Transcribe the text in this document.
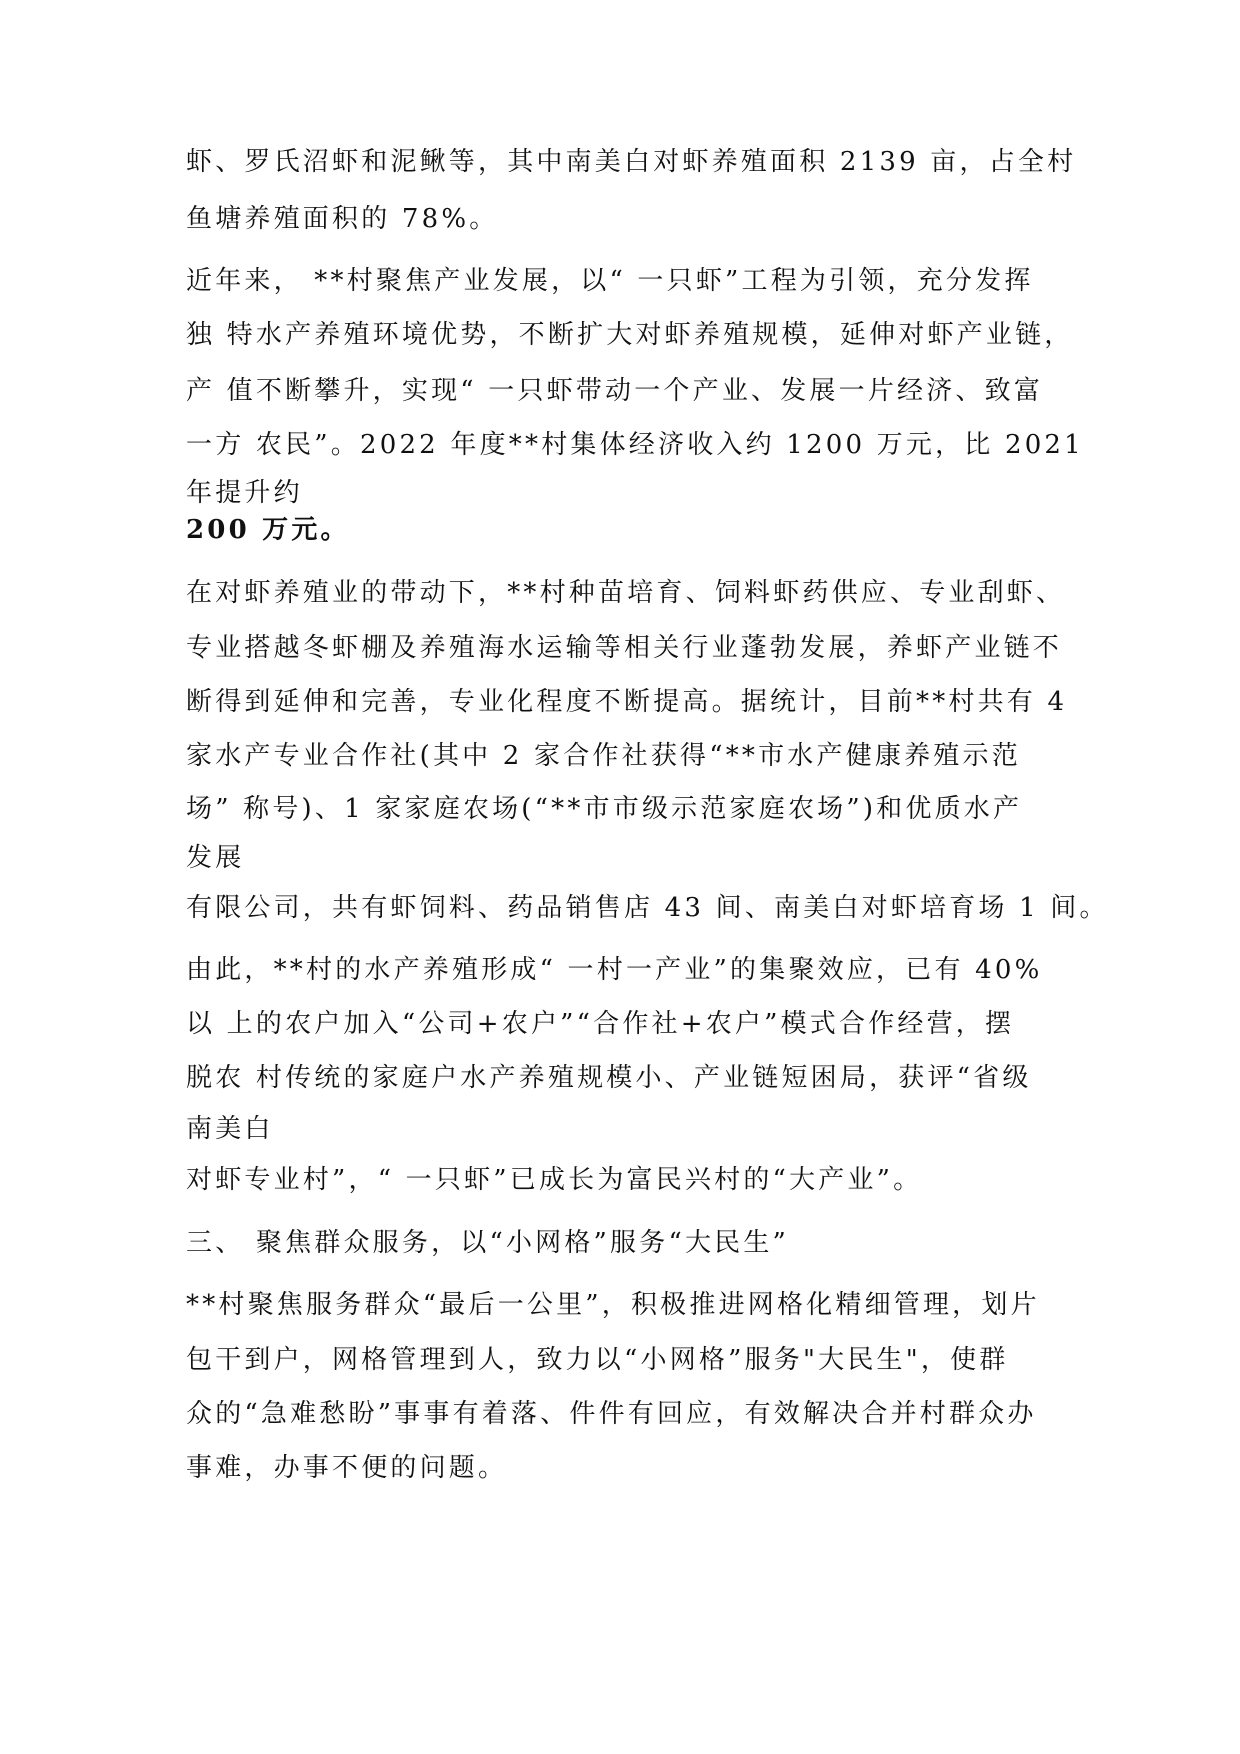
虾、罗氏沼虾和泥鳅等，其中南美白对虾养殖面积 2139 亩，占全村

鱼塘养殖面积的 78%。

近年来， **村聚焦产业发展，以“ 一只虾”工程为引领，充分发挥

独 特水产养殖环境优势，不断扩大对虾养殖规模，延伸对虾产业链，

产 值不断攀升，实现“ 一只虾带动一个产业、发展一片经济、致富

一方 农民”。2022 年度**村集体经济收入约 1200 万元，比 2021

年提升约

200 万元。

在对虾养殖业的带动下，**村种苗培育、饲料虾药供应、专业刮虾、

专业搭越冬虾棚及养殖海水运输等相关行业蓬勃发展，养虾产业链不

断得到延伸和完善，专业化程度不断提高。据统计，目前**村共有 4

家水产专业合作社(其中 2 家合作社获得“**市水产健康养殖示范

场” 称号)、1 家家庭农场(“**市市级示范家庭农场”)和优质水产

发展

有限公司，共有虾饲料、药品销售店 43 间、南美白对虾培育场 1 间。

由此，**村的水产养殖形成“ 一村一产业”的集聚效应，已有 40%

以 上的农户加入“公司+农户”“合作社+农户”模式合作经营，摆

脱农 村传统的家庭户水产养殖规模小、产业链短困局，获评“省级

南美白

对虾专业村”，“ 一只虾”已成长为富民兴村的“大产业”。

三、 聚焦群众服务，以“小网格”服务“大民生”

**村聚焦服务群众“最后一公里”，积极推进网格化精细管理，划片

包干到户，网格管理到人，致力以“小网格”服务"大民生"，使群

众的“急难愁盼”事事有着落、件件有回应，有效解决合并村群众办

事难，办事不便的问题。
